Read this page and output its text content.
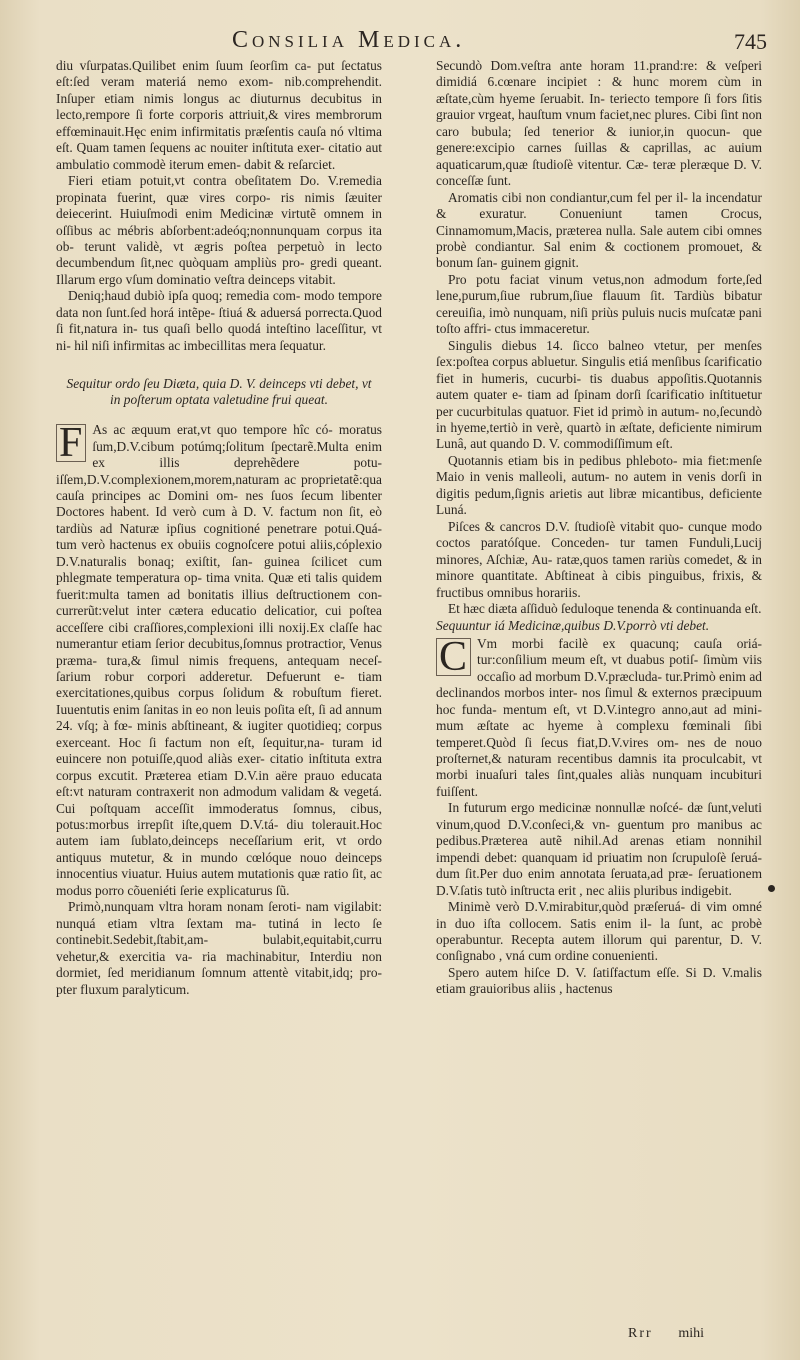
Consilia Medica.	745

diu vſurpatas.Quilibet enim ſuum ſeorſim ca- put ſectatus eſt:ſed veram materiá nemo exom- nib.comprehendit. Inſuper etiam nimis longus ac diuturnus decubitus in lecto,rempore ſi forte corporis attriuit,& vires membrorum effœminauit.Hęc enim infirmitatis præſentis cauſa nó vltima eſt. Quam tamen ſequens ac nouiter inſtituta exer- citatio aut ambulatio commodè iterum emen- dabit & reſarciet.

Fieri etiam potuit,vt contra obeſitatem Do. V.remedia propinata fuerint, quæ vires corpo- ris nimis ſæuiter deiecerint. Huiuſmodi enim Medicinæ virtutẽ omnem in oſſibus ac mébris abſorbent:adeóq;nonnunquam corpus ita ob- terunt validè, vt ægris poſtea perpetuò in lecto decumbendum ſit,nec quòquam ampliùs pro- gredi queant. Illarum ergo vſum dominatio veſtra deinceps vitabit.

Deniq;haud dubiò ipſa quoq; remedia com- modo tempore data non ſunt.ſed horá intẽpe- ſtiuá & aduersá porrecta.Quod ſi fit,natura in- tus quaſi bello quodá inteſtino laceſſitur, vt ni- hil niſi infirmitas ac imbecillitas mera ſequatur.

Sequitur ordo ſeu Diæta, quia D. V. deinceps vti debet, vt in poſterum optata valetudine frui queat.

F As ac æquum erat,vt quo tempore hîc có- moratus ſum,D.V.cibum potúmq;ſolitum ſpectarẽ.Multa enim ex illis deprehẽdere potu- iſſem,D.V.complexionem,morem,naturam ac proprietatẽ:qua cauſa principes ac Domini om- nes ſuos ſecum libenter Doctores habent. Id verò cum à D. V. factum non ſit, eò tardiùs ad Naturæ ipſius cognitioné penetrare potui.Quá- tum verò hactenus ex obuiis cognoſcere potui aliis,cóplexio D.V.naturalis bonaq; exiſtit, ſan- guinea ſcilicet cum phlegmate temperatura op- tima vnita. Quæ eti talis quidem fuerit:multa tamen ad bonitatis illius deſtructionem con- currerũt:velut inter cætera educatio delicatior, cui poſtea acceſſere cibi craſſiores,complexioni illi noxij.Ex claſſe hac numerantur etiam ſerior decubitus,ſomnus protractior, Venus præma- tura,& ſimul nimis frequens, antequam neceſ- ſarium robur corpori adderetur. Defuerunt e- tiam exercitationes,quibus corpus ſolidum & robuſtum fieret. Iuuentutis enim ſanitas in eo non leuis poſita eſt, ſi ad annum 24. vſq; à fœ- minis abſtineant, & iugiter quotidieq; corpus exerceant. Hoc ſi factum non eſt, ſequitur,na- turam id euincere non potuiſſe,quod aliàs exer- citatio inſtituta extra corpus excutit. Præterea etiam D.V.in aëre prauo educata eſt:vt naturam contraxerit non admodum validam & vegetá. Cui poſtquam acceſſit immoderatus ſomnus, cibus, potus:morbus irrepſit iſte,quem D.V.tá- diu tolerauit.Hoc autem iam ſublato,deinceps neceſſarium erit, vt ordo antiquus mutetur, & in mundo cœlóque nouo deinceps innocentius viuatur. Huius autem mutationis quæ ratio ſit, ac modus porro cõueniéti ſerie explicaturus ſũ.

Primò,nunquam vltra horam nonam ſeroti- nam vigilabit: nunquá etiam vltra ſextam ma- tutiná in lecto ſe continebit.Sedebit,ſtabit,am- bulabit,equitabit,curru vehetur,& exercitia va- ria machinabitur, Interdiu non dormiet, ſed meridianum ſomnum attentè vitabit,idq; pro- pter fluxum paralyticum.

Secundò Dom.veſtra ante horam 11.prand:re: & veſperi dimidiá 6.cœnare incipiet : & hunc morem cùm in æſtate,cùm hyeme ſeruabit. In- teriecto tempore ſi fors ſitis grauior vrgeat, hauſtum vnum faciet,nec plures. Cibi ſint non caro bubula; ſed tenerior & iunior,in quocun- que genere:excipio carnes ſuillas & caprillas, ac auium aquaticarum,quæ ſtudioſè vitentur. Cæ- teræ pleræque D. V. conceſſæ ſunt.

Aromatis cibi non condiantur,cum fel per il- la incendatur & exuratur. Conueniunt tamen Crocus, Cinnamomum,Macis, præterea nulla. Sale autem cibi omnes probè condiantur. Sal enim & coctionem promouet, & bonum ſan- guinem gignit.

Pro potu faciat vinum vetus,non admodum forte,ſed lene,purum,ſiue rubrum,ſiue flauum ſit. Tardiùs bibatur cereuiſia, imò nunquam, niſi priùs puluis nucis muſcatæ pani toſto affri- ctus immaceretur.

Singulis diebus 14. ſicco balneo vtetur, per menſes ſex:poſtea corpus abluetur. Singulis etiá menſibus ſcarificatio fiet in humeris, cucurbi- tis duabus appoſitis.Quotannis autem quater e- tiam ad ſpinam dorſi ſcarificatio inſtituetur per cucurbitulas quatuor. Fiet id primò in autum- no,ſecundò in hyeme,tertiò in verè, quartò in æſtate, deficiente nimirum Lunâ, aut quando D. V. commodiſſimum eſt.

Quotannis etiam bis in pedibus phleboto- mia fiet:menſe Maio in venis malleoli, autum- no autem in venis dorſi in digitis pedum,ſignis arietis aut libræ micantibus, deficiente Luná.

Piſces & cancros D.V. ſtudioſè vitabit quo- cunque modo coctos paratóſque. Conceden- tur tamen Funduli,Lucij minores, Aſchiæ, Au- ratæ,quos tamen rariùs comedet, & in minore quantitate. Abſtineat à cibis pinguibus, frixis, & fructibus omnibus horariis.

Et hæc diæta aſſiduò ſeduloque tenenda & continuanda eſt.

Sequuntur iá Medicinæ,quibus D.V.porrò vti debet.

C Vm morbi facilè ex quacunq; cauſa oriá- tur:conſilium meum eſt, vt duabus potiſ- ſimùm viis occaſio ad morbum D.V.præcluda- tur.Primò enim ad declinandos morbos inter- nos ſimul & externos præcipuum hoc funda- mentum eſt, vt D.V.integro anno,aut ad mini- mum æſtate ac hyeme à complexu fœminali ſibi temperet.Quòd ſi ſecus fiat,D.V.vires om- nes de nouo proſternet,& naturam recentibus damnis ita proculcabit, vt morbi inuaſuri tales ſint,quales aliàs nunquam incubituri fuiſſent.

In futurum ergo medicinæ nonnullæ noſcé- dæ ſunt,veluti vinum,quod D.V.conſeci,& vn- guentum pro manibus ac pedibus.Præterea autẽ nihil.Ad arenas etiam nonnihil impendi debet: quanquam id priuatim non ſcrupuloſè ſeruá- dum ſit.Per duo enim annotata ſeruata,ad præ- ſeruationem D.V.ſatis tutò inſtructa erit , nec aliis pluribus indigebit.

Minimè verò D.V.mirabitur,quòd præſeruá- di vim omné in duo iſta collocem. Satis enim il- la ſunt, ac probè operabuntur. Recepta autem illorum qui parentur, D. V. conſignabo , vná cum ordine conuenienti.

Spero autem hiſce D. V. ſatiſfactum eſſe. Si D. V.malis etiam grauioribus aliis , hactenus

Rrr mihi
